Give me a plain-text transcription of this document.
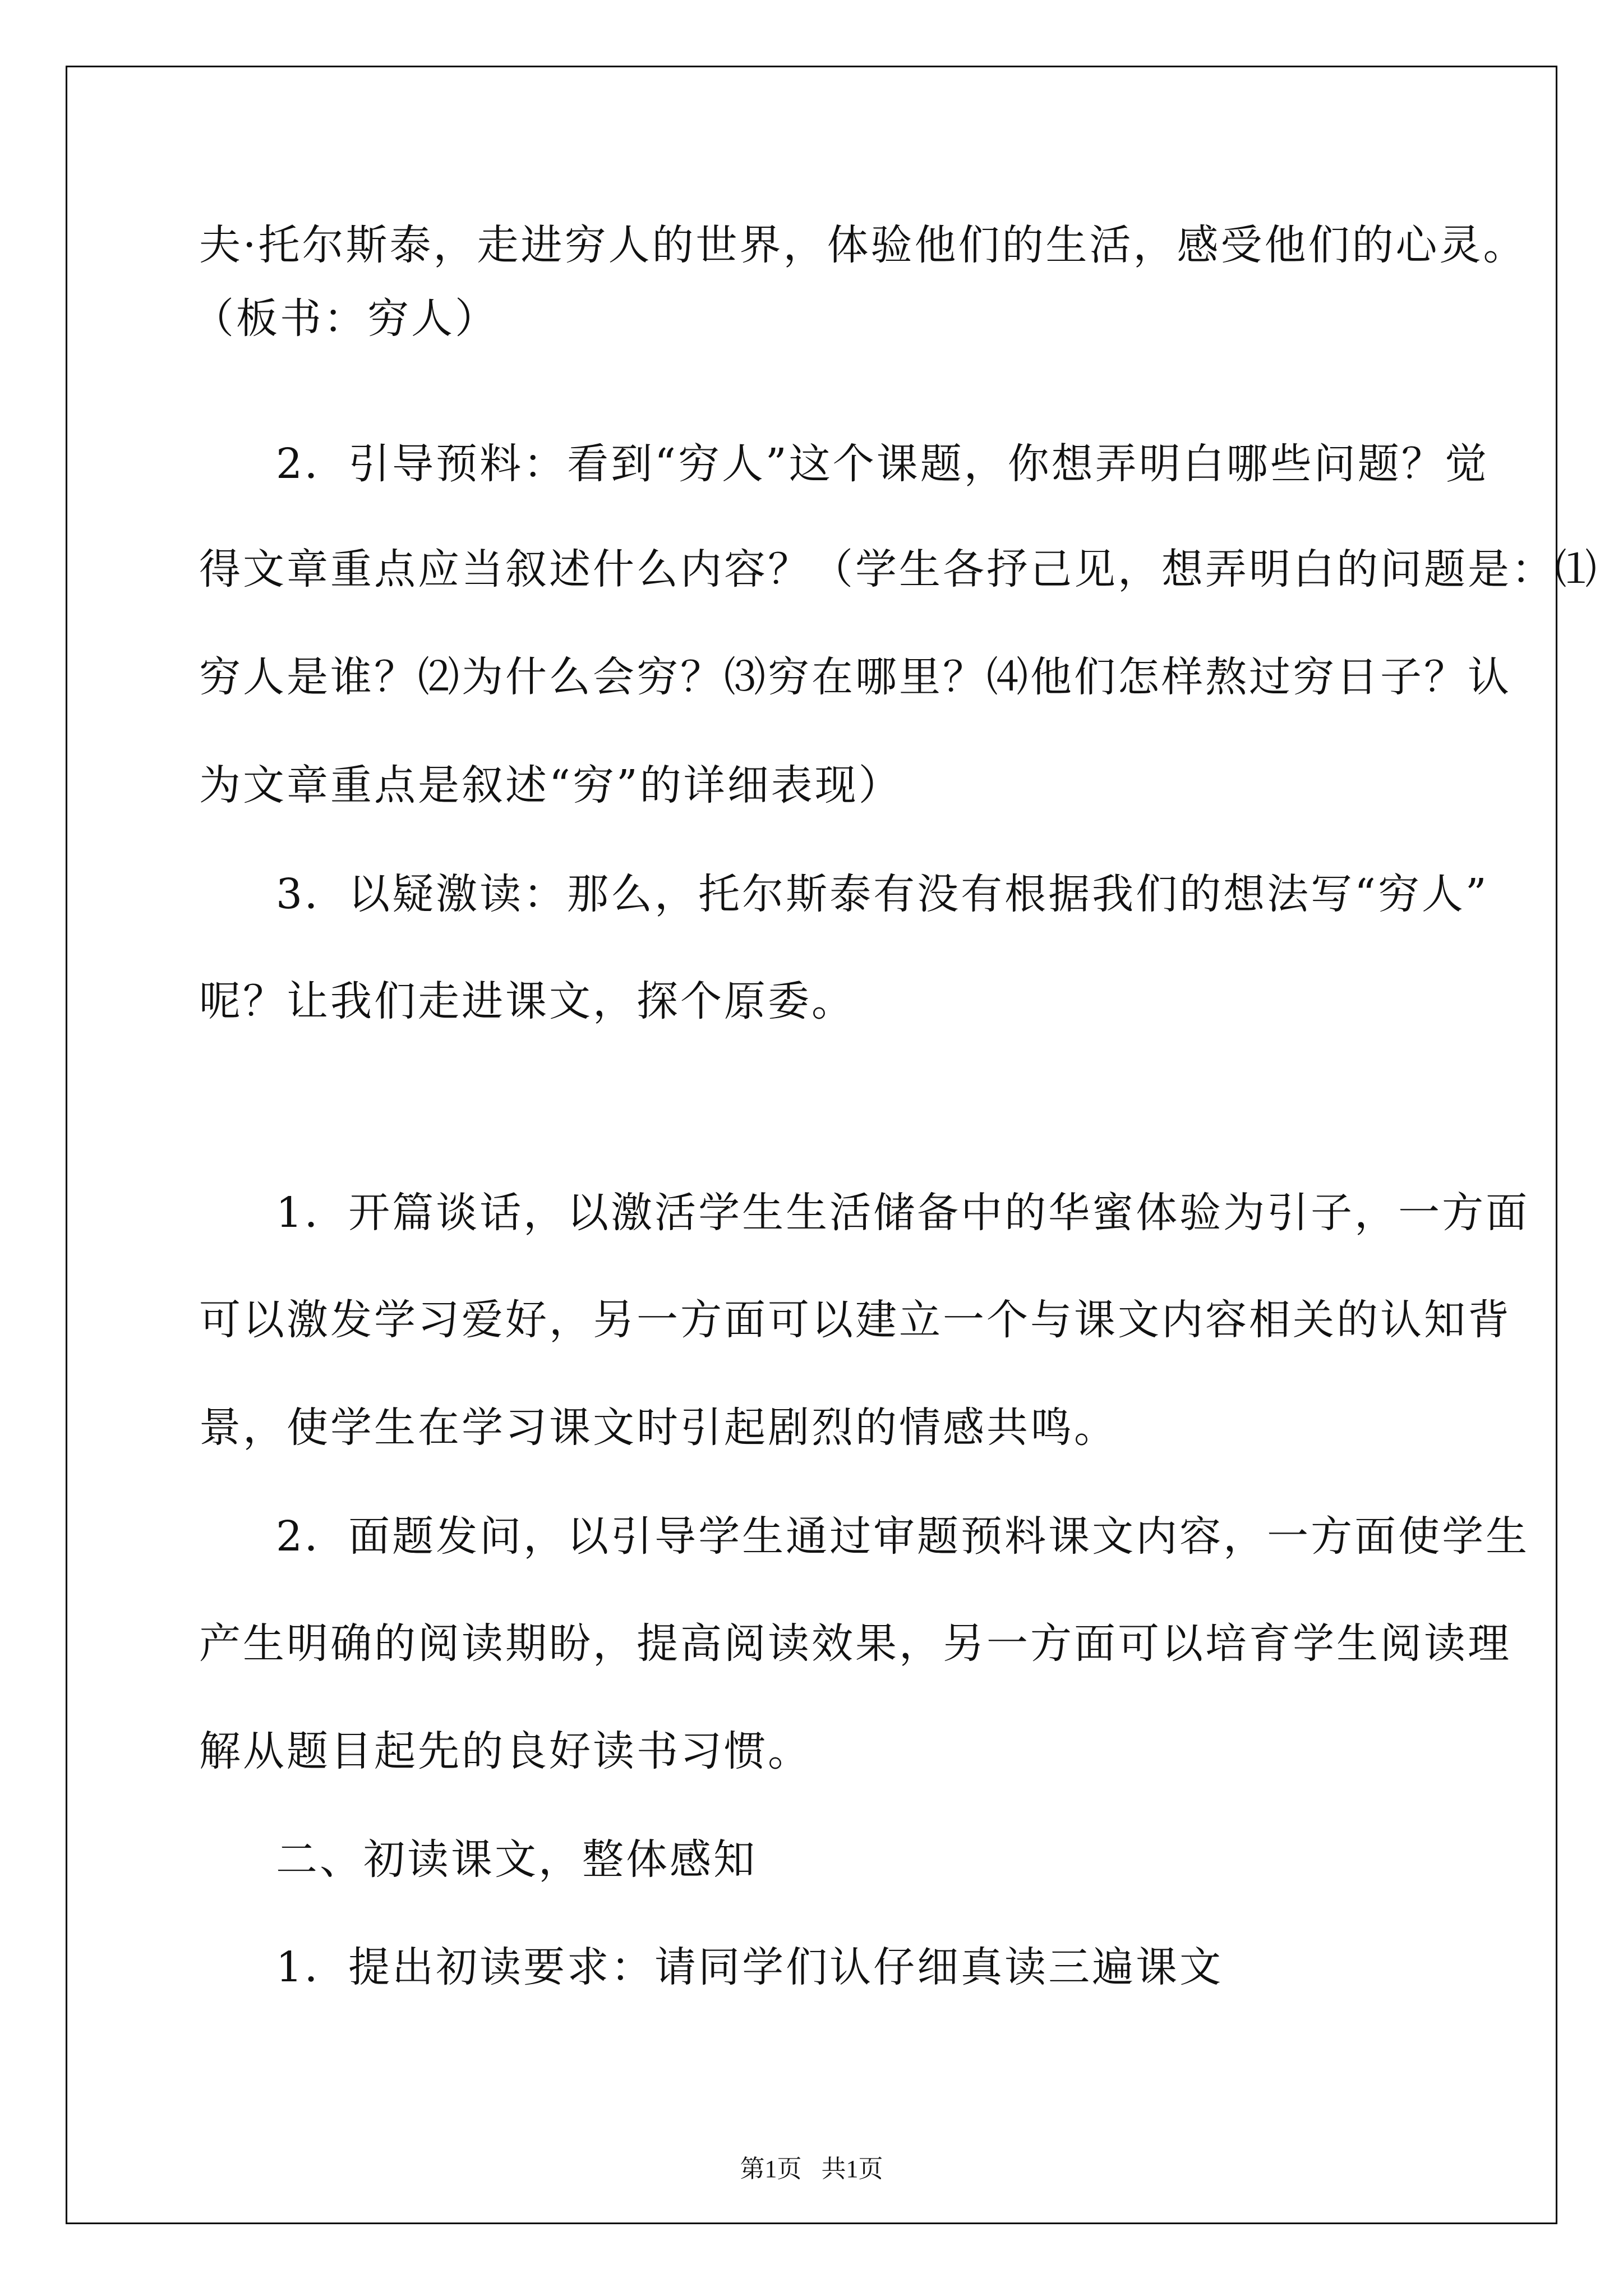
夫·托尔斯泰，走进穷人的世界，体验他们的生活，感受他们的心灵。

（板书：穷人）

2．引导预料：看到“穷人”这个课题，你想弄明白哪些问题？觉

得文章重点应当叙述什么内容？（学生各抒己见，想弄明白的问题是：⑴

穷人是谁？⑵为什么会穷？⑶穷在哪里？⑷他们怎样熬过穷日子？认

为文章重点是叙述“穷”的详细表现）

3．以疑激读：那么，托尔斯泰有没有根据我们的想法写“穷人”

呢？让我们走进课文，探个原委。

1．开篇谈话，以激活学生生活储备中的华蜜体验为引子，一方面

可以激发学习爱好，另一方面可以建立一个与课文内容相关的认知背

景，使学生在学习课文时引起剧烈的情感共鸣。

2．面题发问，以引导学生通过审题预料课文内容，一方面使学生

产生明确的阅读期盼，提高阅读效果，另一方面可以培育学生阅读理

解从题目起先的良好读书习惯。

二、初读课文，整体感知

1．提出初读要求：请同学们认仔细真读三遍课文

第1页 共1页
